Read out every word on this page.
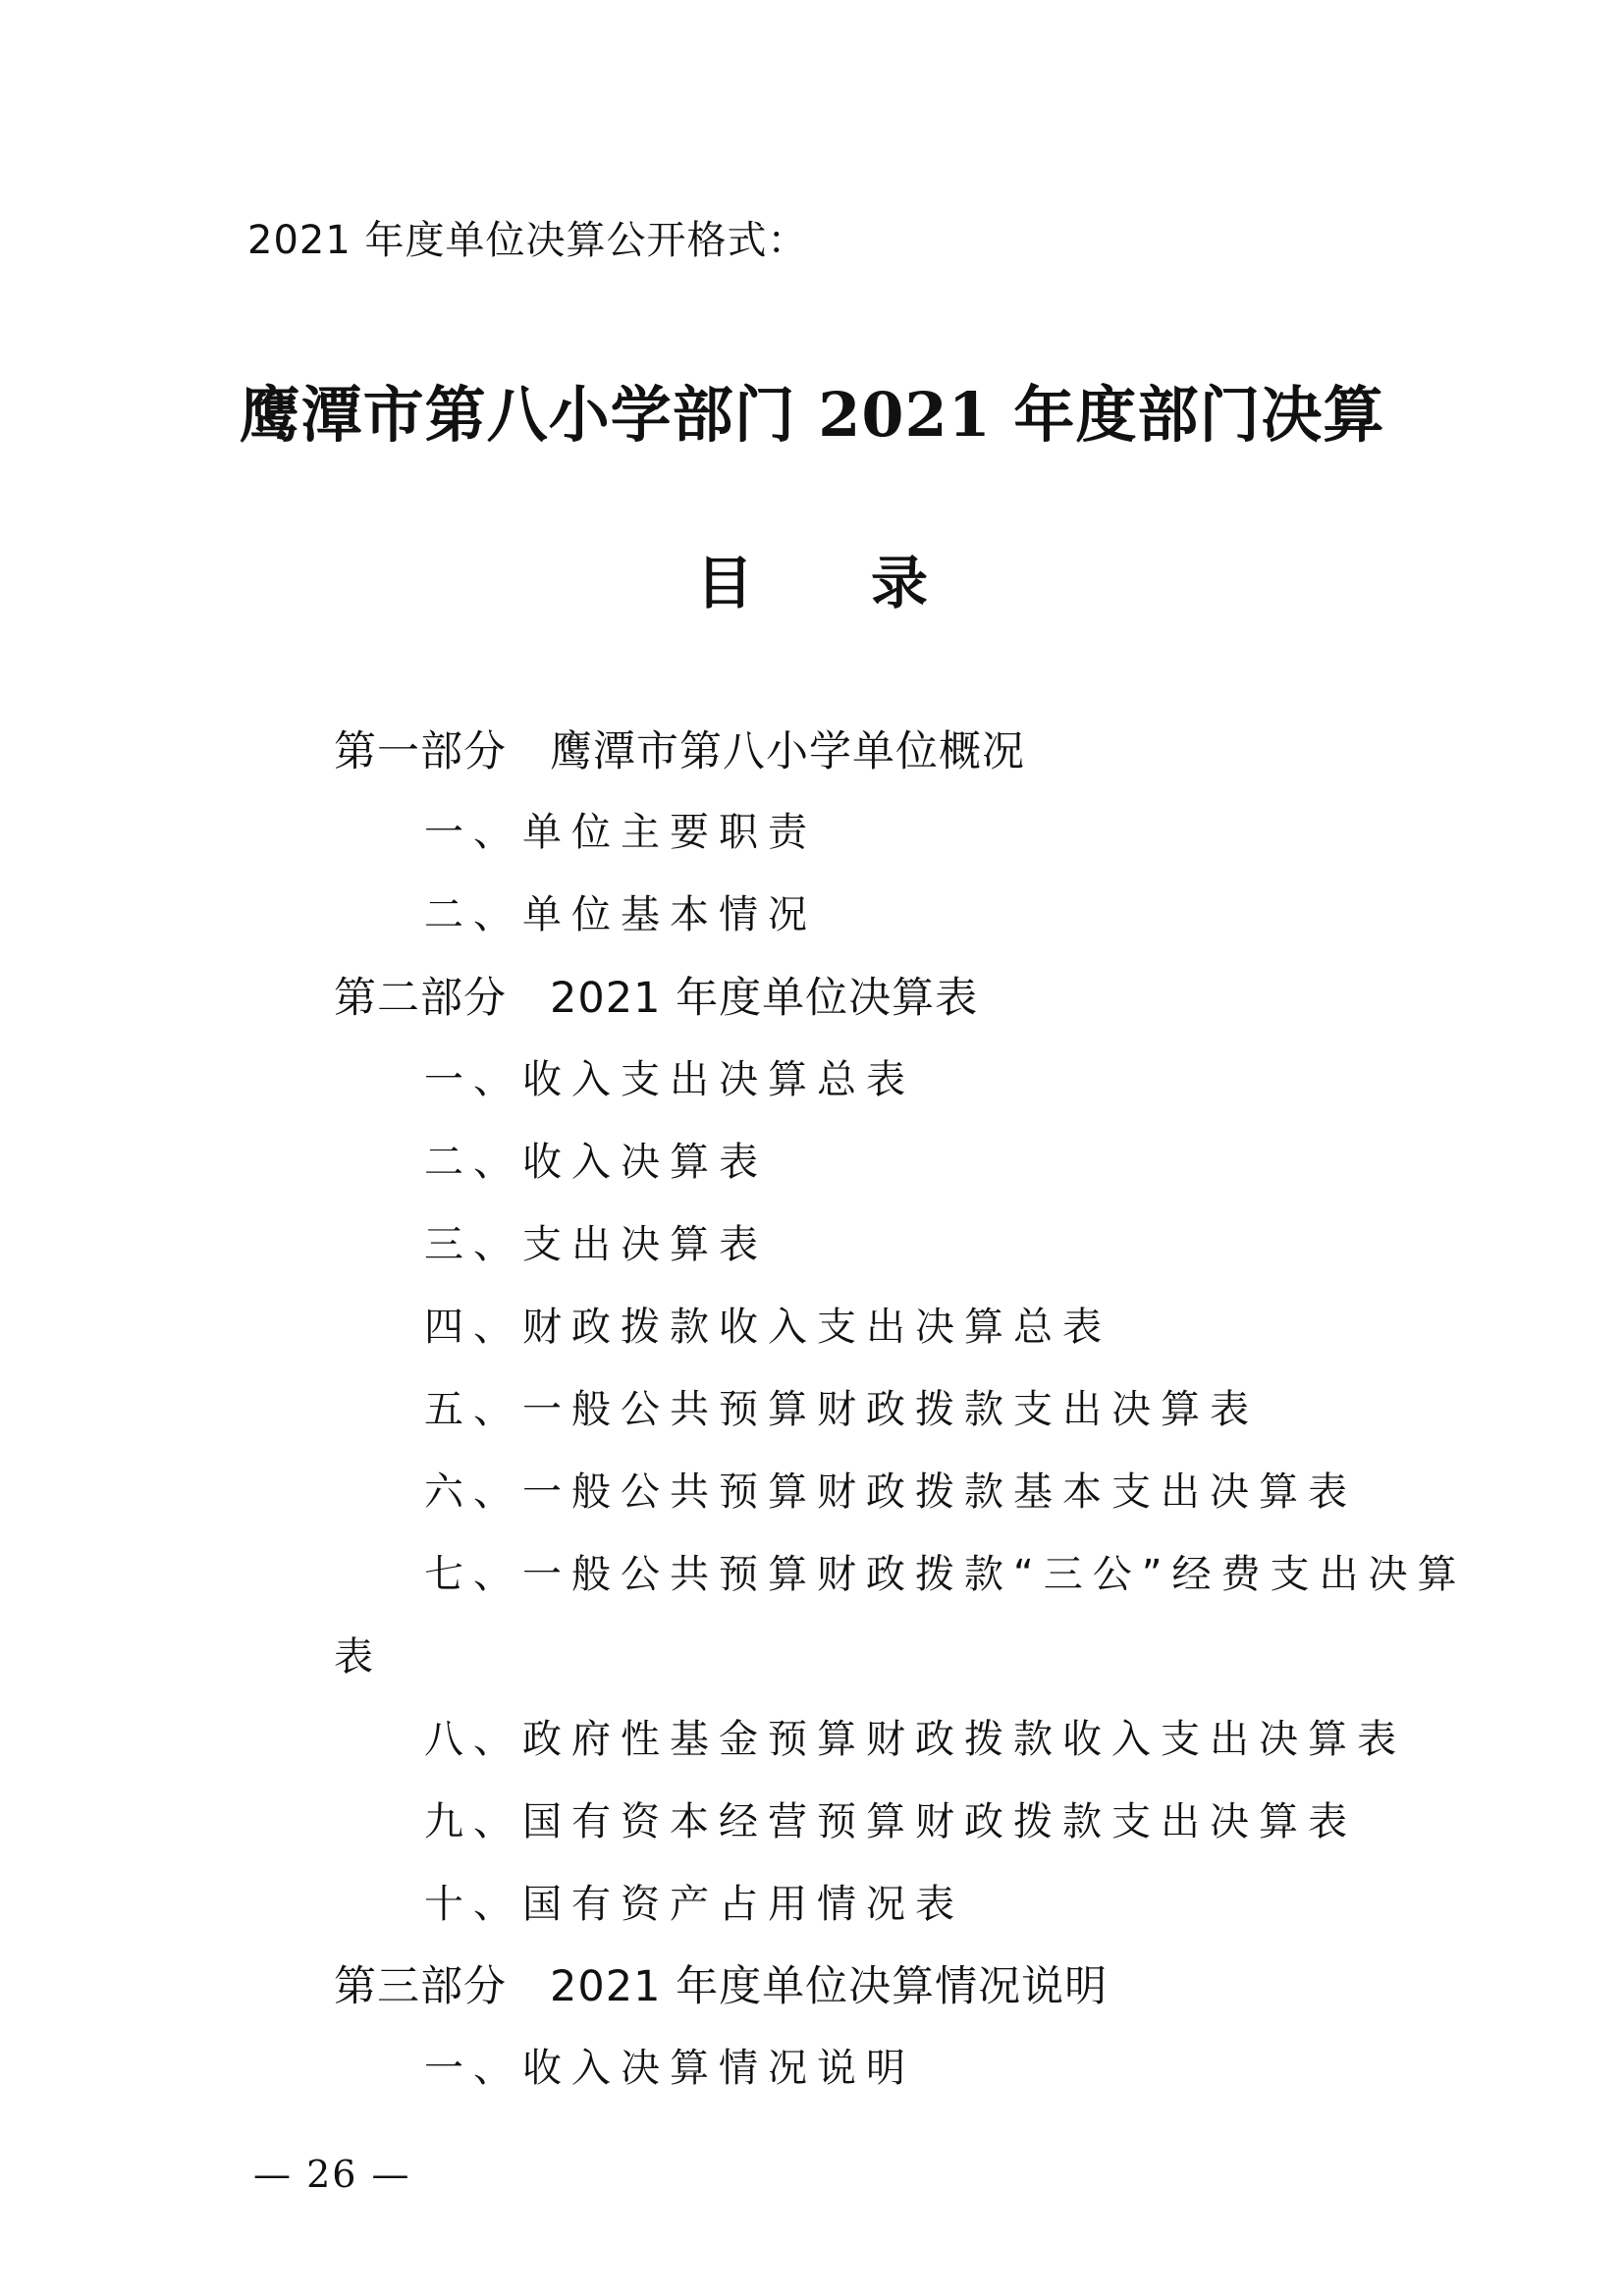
2021 年度单位决算公开格式：
鹰潭市第八小学部门 2021 年度部门决算
目 录
第一部分 鹰潭市第八小学单位概况
一、单位主要职责
二、单位基本情况
第二部分 2021 年度单位决算表
一、收入支出决算总表
二、收入决算表
三、支出决算表
四、财政拨款收入支出决算总表
五、一般公共预算财政拨款支出决算表
六、一般公共预算财政拨款基本支出决算表
七、一般公共预算财政拨款“三公”经费支出决算
表
八、政府性基金预算财政拨款收入支出决算表
九、国有资本经营预算财政拨款支出决算表
十、国有资产占用情况表
第三部分 2021 年度单位决算情况说明
一、收入决算情况说明
— 26 —
